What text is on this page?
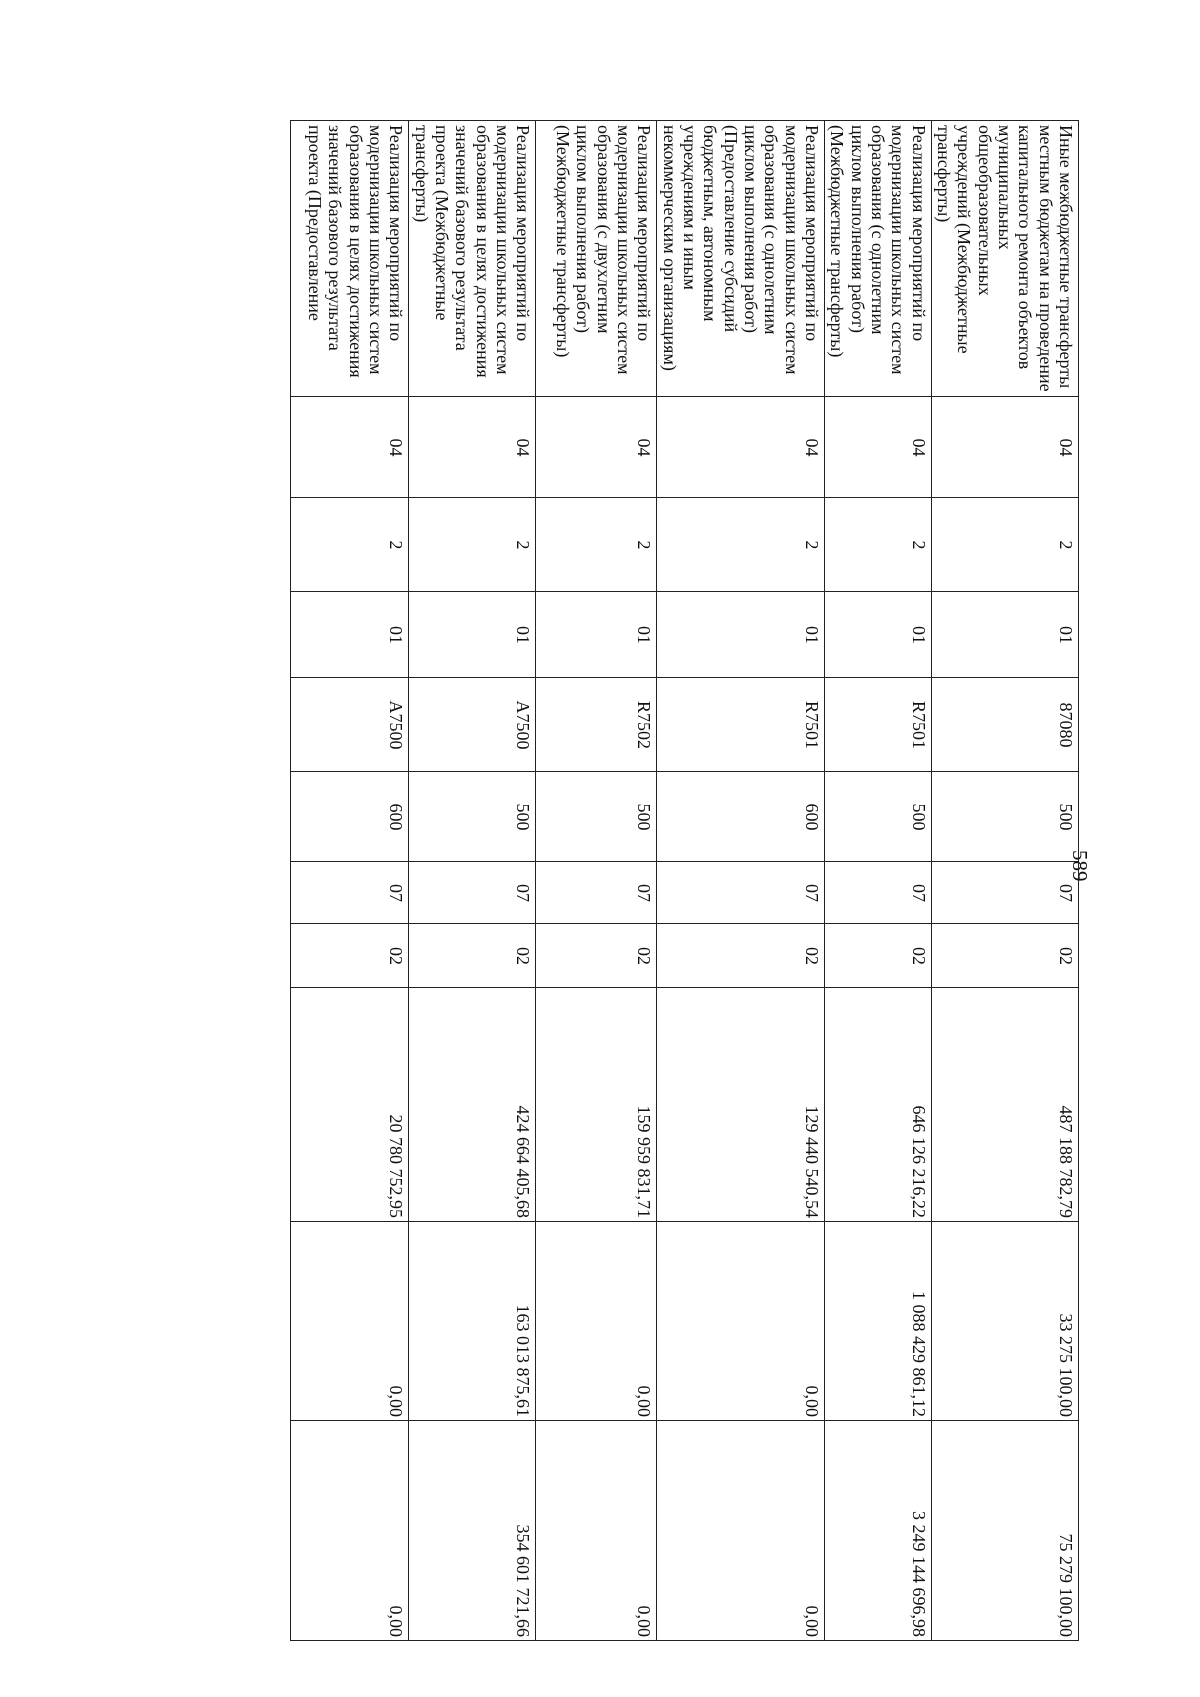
589
Иные межбюджетные трансферты местным бюджетам на проведение капитального ремонта объектов муниципальных общеобразовательных учреждений (Межбюджетные трансферты)	04	2	01	87080	500	07	02	487 188 782,79	33 275 100,00	75 279 100,00
Реализация мероприятий по модернизации школьных систем образования (с однолетним циклом выполнения работ) (Межбюджетные трансферты)	04	2	01	R7501	500	07	02	646 126 216,22	1 088 429 861,12	3 249 144 696,98
Реализация мероприятий по модернизации школьных систем образования (с однолетним циклом выполнения работ) (Предоставление субсидий бюджетным, автономным учреждениям и иным некоммерческим организациям)	04	2	01	R7501	600	07	02	129 440 540,54	0,00	0,00
Реализация мероприятий по модернизации школьных систем образования (с двухлетним циклом выполнения работ) (Межбюджетные трансферты)	04	2	01	R7502	500	07	02	159 959 831,71	0,00	0,00
Реализация мероприятий по модернизации школьных систем образования в целях достижения значений базового результата проекта (Межбюджетные трансферты)	04	2	01	А7500	500	07	02	424 664 405,68	163 013 875,61	354 601 721,66
Реализация мероприятий по модернизации школьных систем образования в целях достижения значений базового результата проекта (Предоставление	04	2	01	А7500	600	07	02	20 780 752,95	0,00	0,00
